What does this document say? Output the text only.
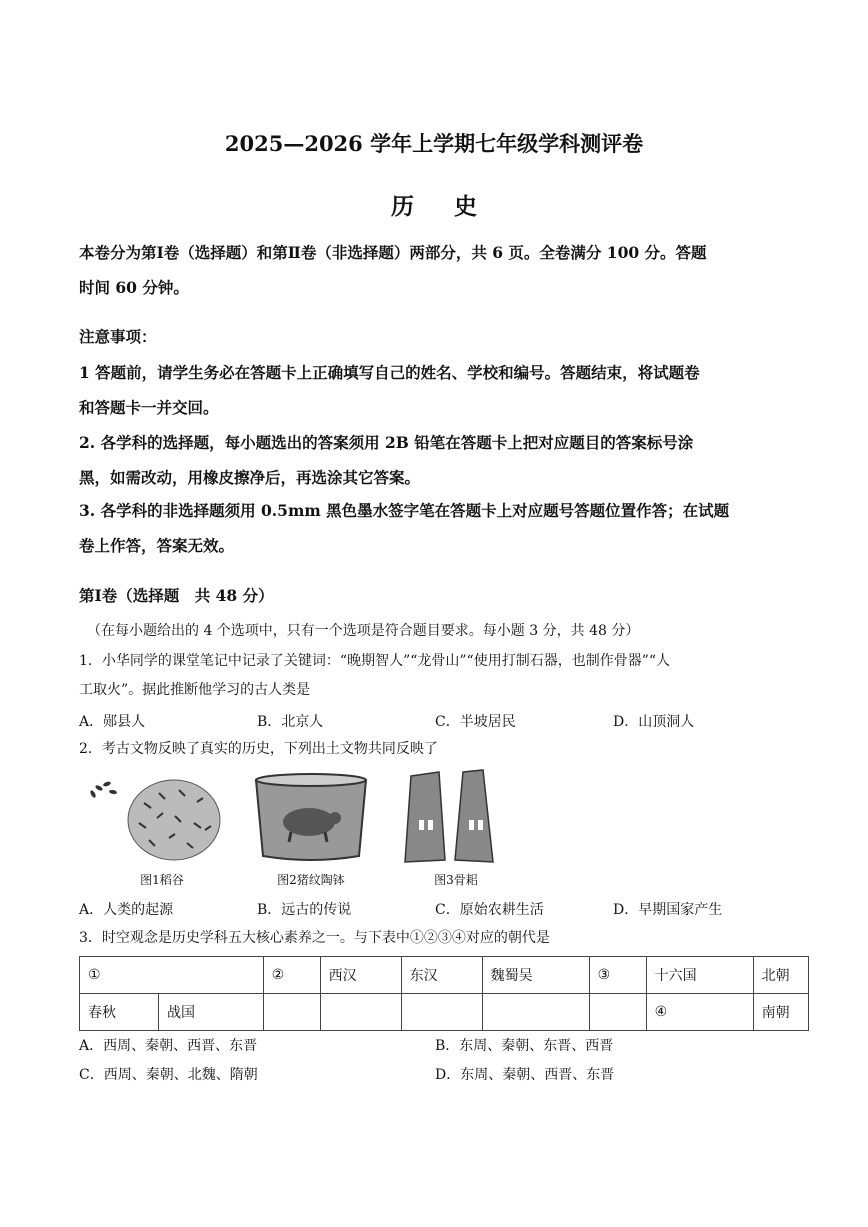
2025—2026 学年上学期七年级学科测评卷
历史
本卷分为第Ⅰ卷（选择题）和第Ⅱ卷（非选择题）两部分，共 6 页。全卷满分 100 分。答题
时间 60 分钟。
注意事项：
1 答题前，请学生务必在答题卡上正确填写自己的姓名、学校和编号。答题结束，将试题卷
和答题卡一并交回。
2. 各学科的选择题，每小题选出的答案须用 2B 铅笔在答题卡上把对应题目的答案标号涂
黑，如需改动，用橡皮擦净后，再选涂其它答案。
3. 各学科的非选择题须用 0.5mm 黑色墨水签字笔在答题卡上对应题号答题位置作答；在试题
卷上作答，答案无效。
第Ⅰ卷（选择题　共 48 分）
（在每小题给出的 4 个选项中，只有一个选项是符合题目要求。每小题 3 分，共 48 分）
1．小华同学的课堂笔记中记录了关键词：“晚期智人”“龙骨山”“使用打制石器，也制作骨器”“人
工取火”。据此推断他学习的古人类是
A．郧县人	B．北京人	C．半坡居民	D．山顶洞人
2．考古文物反映了真实的历史，下列出土文物共同反映了
图1稻谷	图2猪纹陶钵	图3骨耜
A．人类的起源	B．远古的传说	C．原始农耕生活	D．早期国家产生
3．时空观念是历史学科五大核心素养之一。与下表中①②③④对应的朝代是
①		②	西汉	东汉	魏蜀吴	③	十六国	北朝
春秋	战国						④	南朝
A．西周、秦朝、西晋、东晋	B．东周、秦朝、东晋、西晋
C．西周、秦朝、北魏、隋朝	D．东周、秦朝、西晋、东晋
